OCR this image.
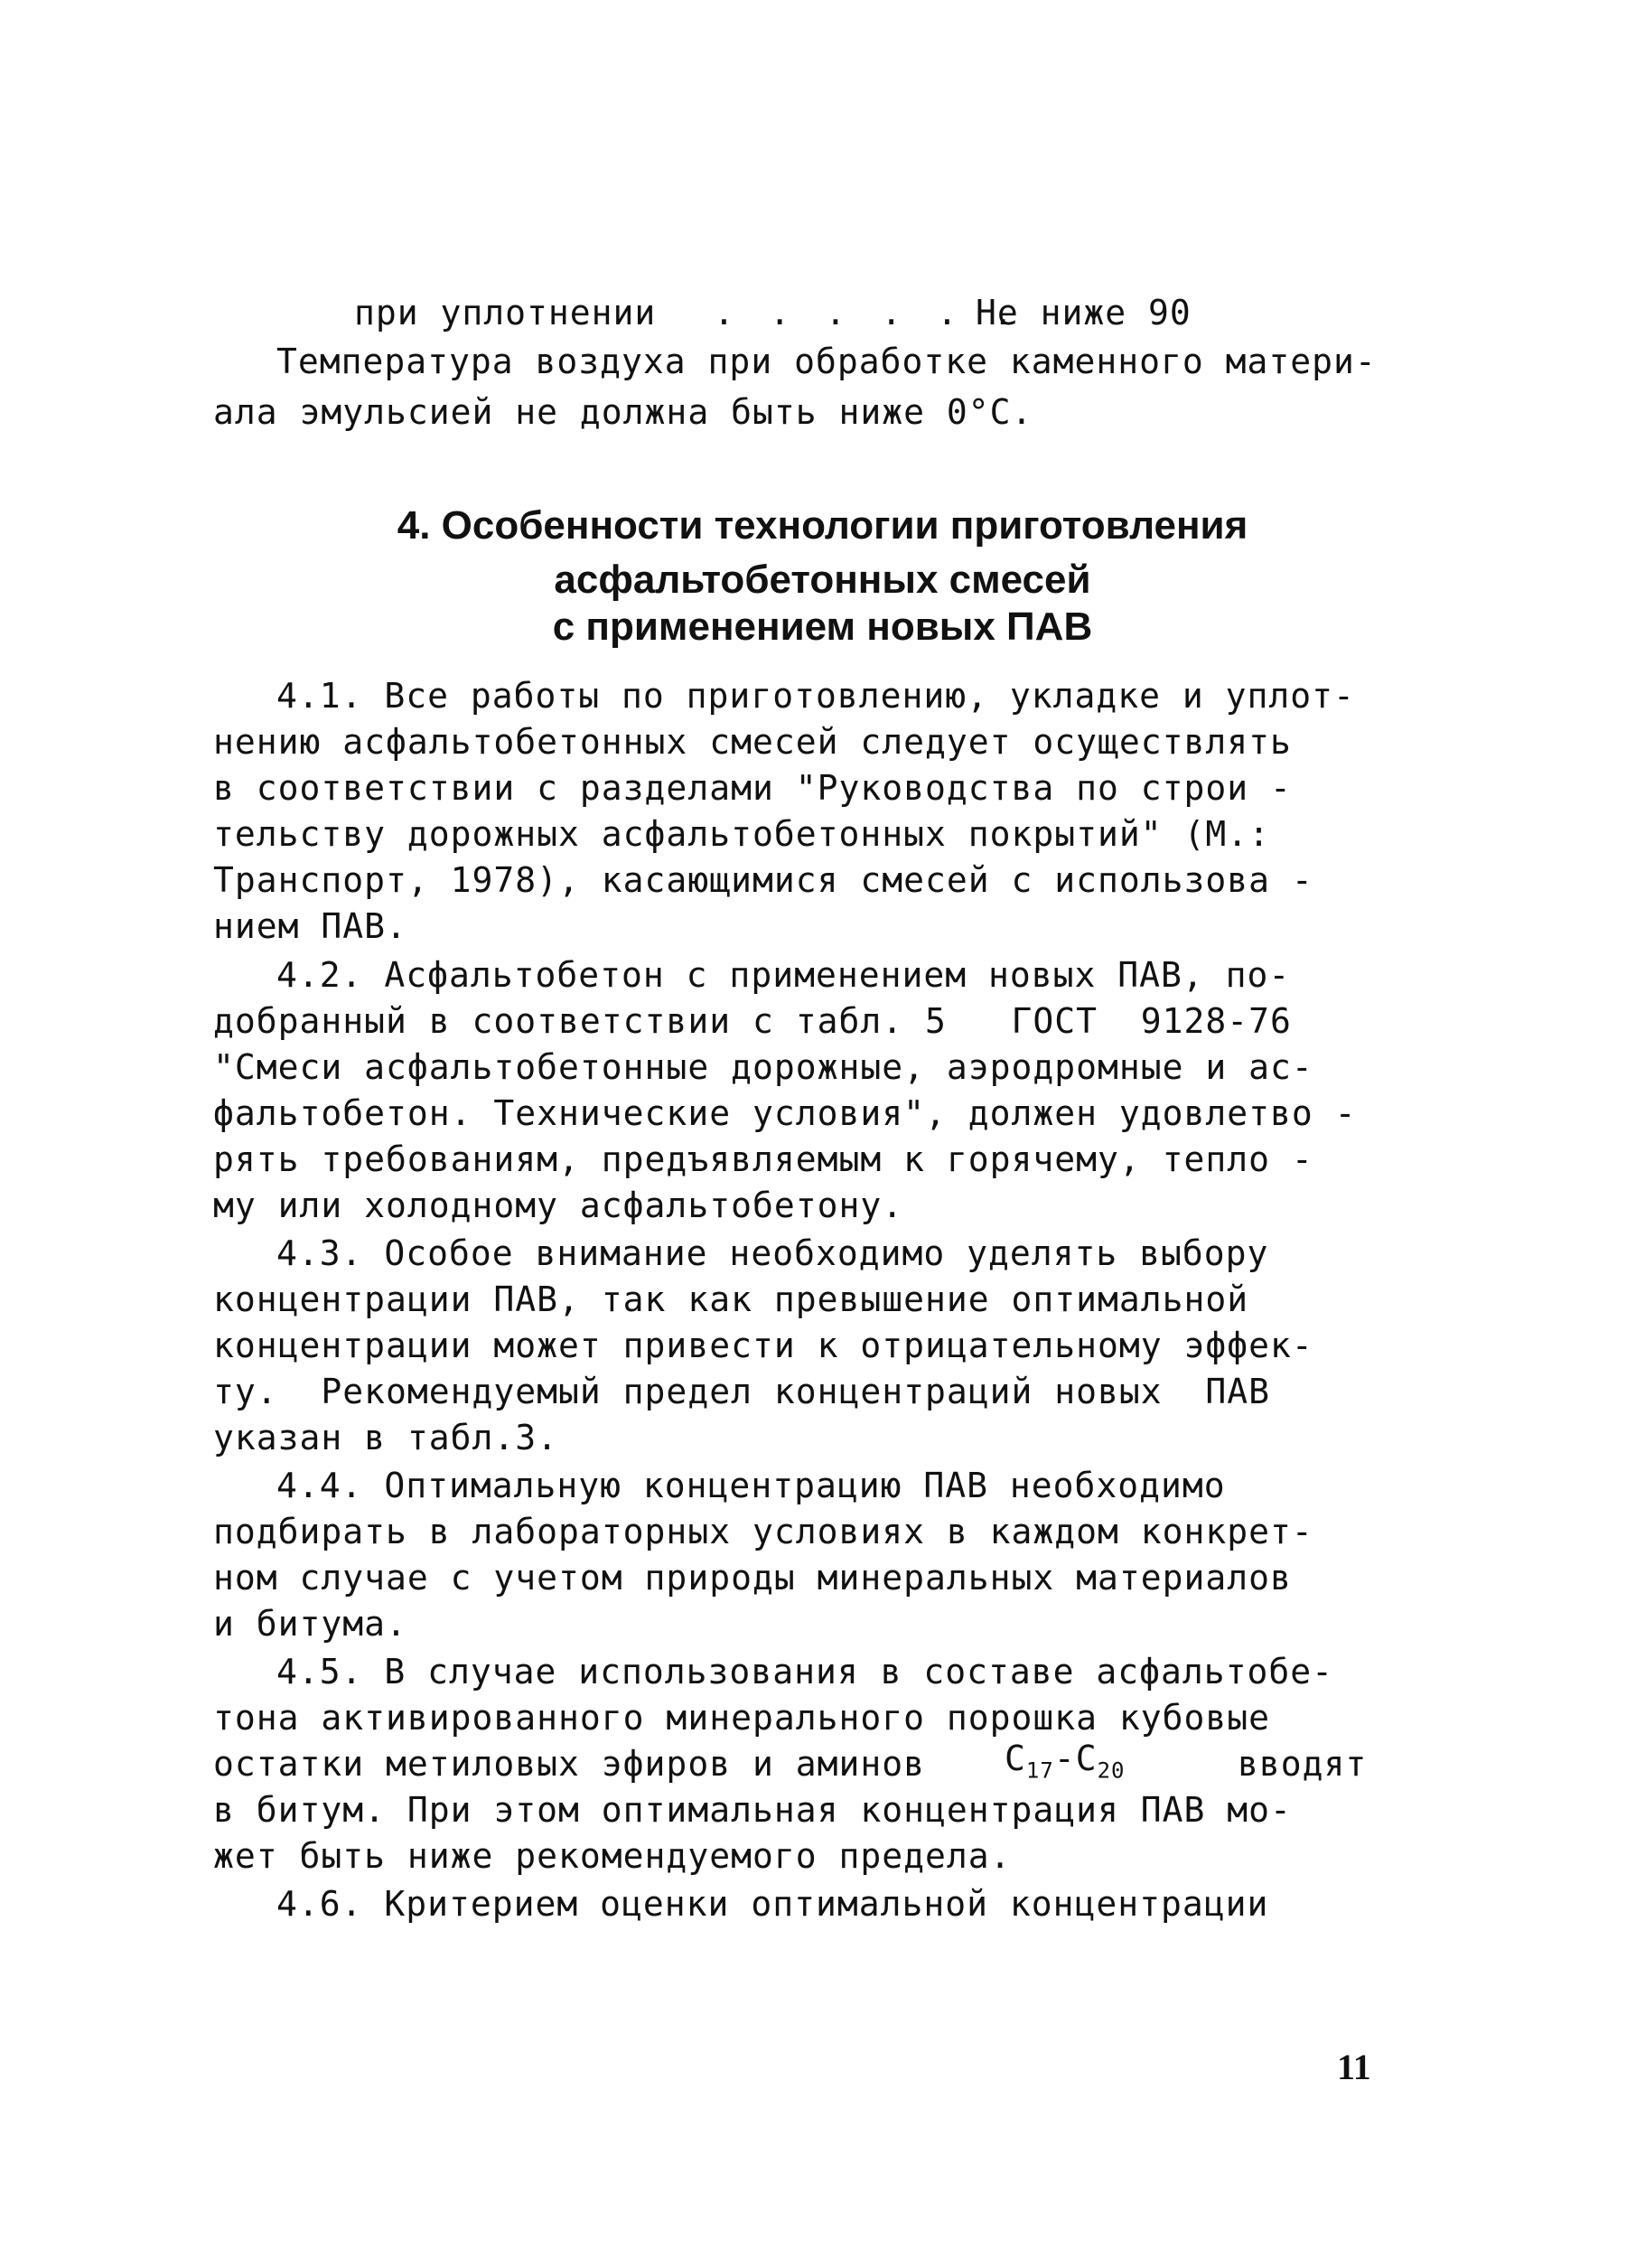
при уплотнении . . . . . .
Не ниже 90
Температура воздуха при обработке каменного матери-
ала эмульсией не должна быть ниже 0°С.
4. Особенности технологии приготовления
асфальтобетонных смесей
с применением новых ПАВ
4.1. Все работы по приготовлению, укладке и уплот-
нению асфальтобетонных смесей следует осуществлять
в соответствии с разделами "Руководства по строи -
тельству дорожных асфальтобетонных покрытий" (М.:
Транспорт, 1978), касающимися смесей с использова -
нием ПАВ.
4.2. Асфальтобетон с применением новых ПАВ, по-
добранный в соответствии с табл. 5   ГОСТ  9128-76
"Смеси асфальтобетонные дорожные, аэродромные и ас-
фальтобетон. Технические условия", должен удовлетво -
рять требованиям, предъявляемым к горячему, тепло -
му или холодному асфальтобетону.
4.3. Особое внимание необходимо уделять выбору
концентрации ПАВ, так как превышение оптимальной
концентрации может привести к отрицательному эффек-
ту.  Рекомендуемый предел концентраций новых  ПАВ
указан в табл.3.
4.4. Оптимальную концентрацию ПАВ необходимо
подбирать в лабораторных условиях в каждом конкрет-
ном случае с учетом природы минеральных материалов
и битума.
4.5. В случае использования в составе асфальтобе-
тона активированного минерального порошка кубовые
остатки метиловых эфиров и аминов $С_{17}-С_{20}$	вводят
в битум. При этом оптимальная концентрация ПАВ мо-
жет быть ниже рекомендуемого предела.
4.6. Критерием оценки оптимальной концентрации
11
